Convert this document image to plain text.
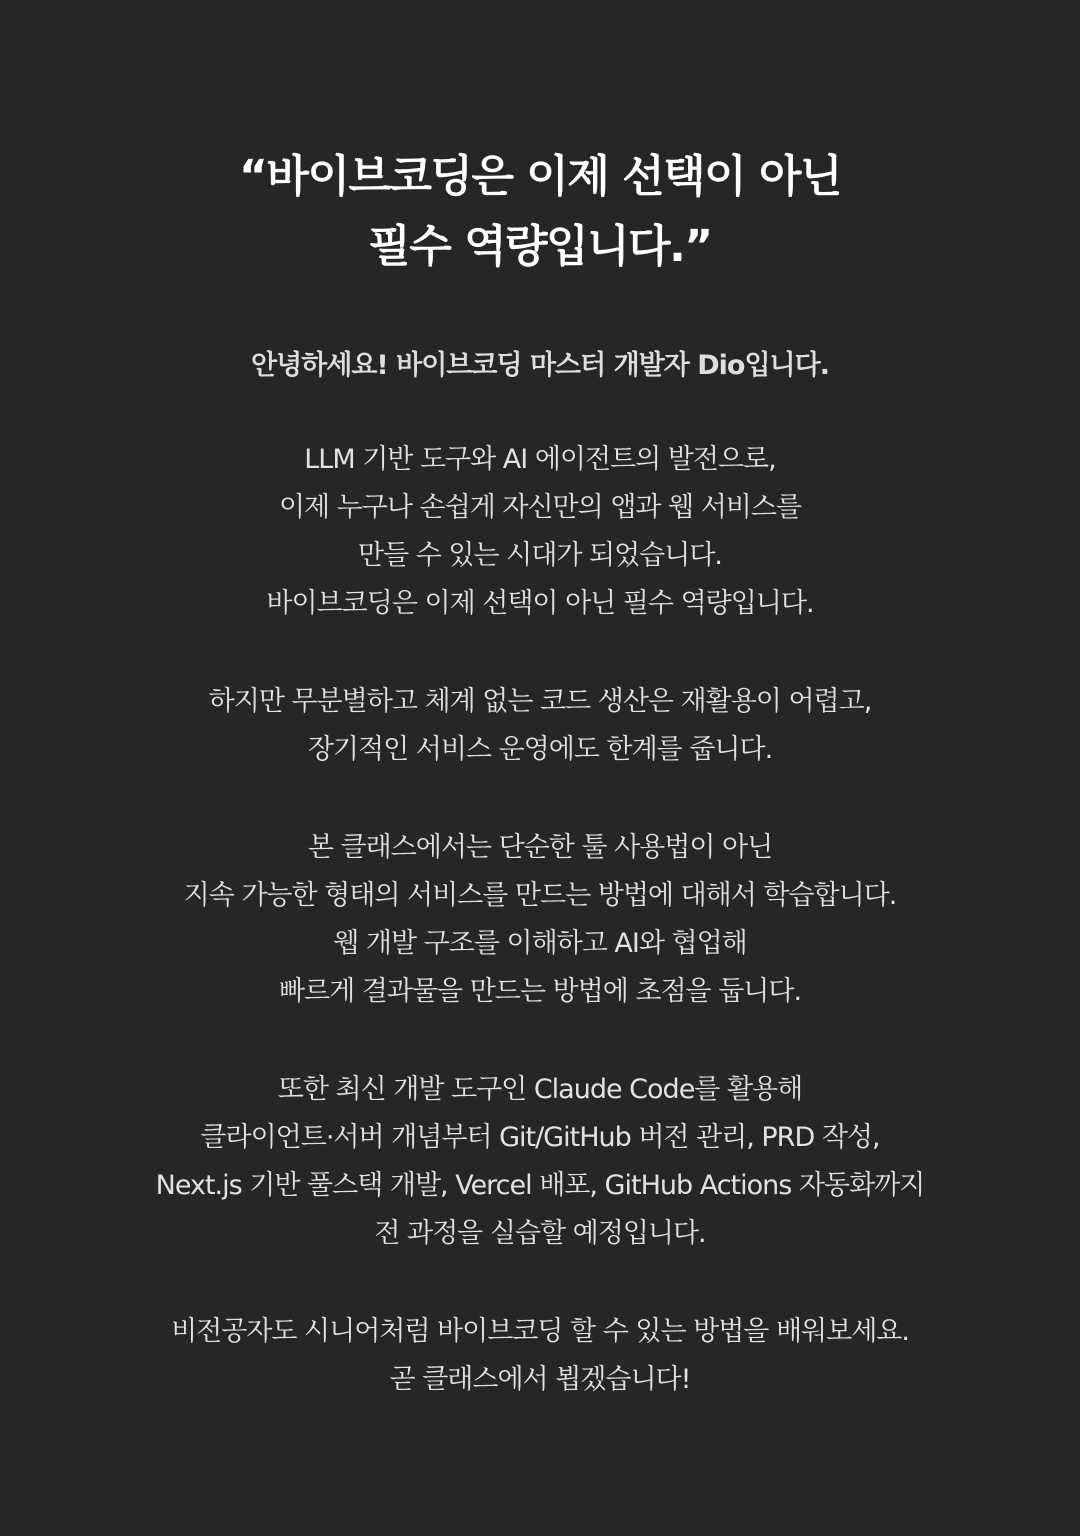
“바이브코딩은 이제 선택이 아닌
필수 역량입니다.”

안녕하세요! 바이브코딩 마스터 개발자 Dio입니다.

LLM 기반 도구와 AI 에이전트의 발전으로,
이제 누구나 손쉽게 자신만의 앱과 웹 서비스를
만들 수 있는 시대가 되었습니다.
바이브코딩은 이제 선택이 아닌 필수 역량입니다.

하지만 무분별하고 체계 없는 코드 생산은 재활용이 어렵고,
장기적인 서비스 운영에도 한계를 줍니다.

본 클래스에서는 단순한 툴 사용법이 아닌
지속 가능한 형태의 서비스를 만드는 방법에 대해서 학습합니다.
웹 개발 구조를 이해하고 AI와 협업해
빠르게 결과물을 만드는 방법에 초점을 둡니다.

또한 최신 개발 도구인 Claude Code를 활용해
클라이언트·서버 개념부터 Git/GitHub 버전 관리, PRD 작성,
Next.js 기반 풀스택 개발, Vercel 배포, GitHub Actions 자동화까지
전 과정을 실습할 예정입니다.

비전공자도 시니어처럼 바이브코딩 할 수 있는 방법을 배워보세요.
곧 클래스에서 뵙겠습니다!
